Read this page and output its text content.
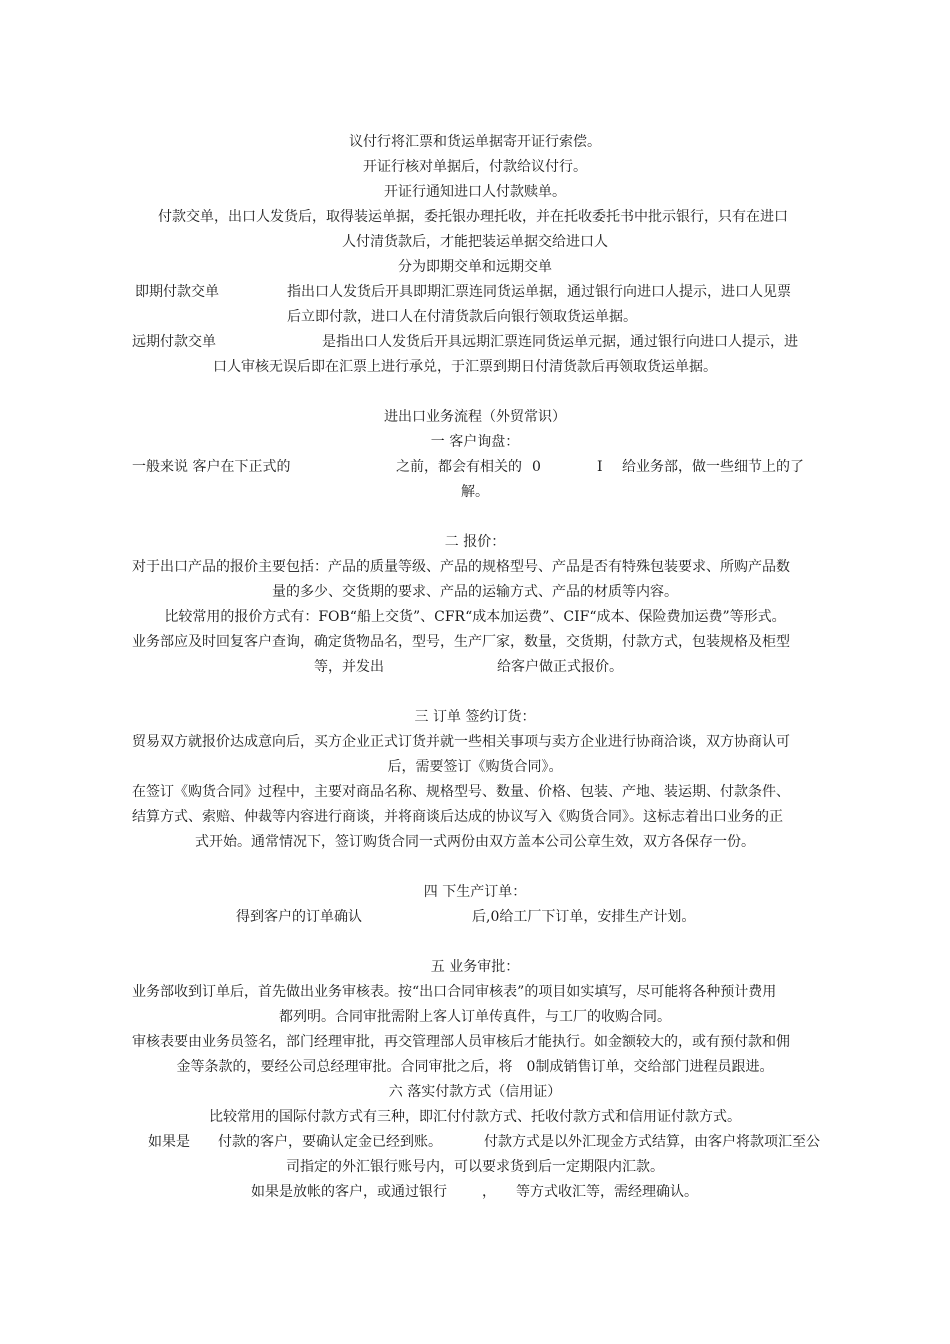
议付行将汇票和货运单据寄开证行索偿。
开证行核对单据后，付款给议付行。
开证行通知进口人付款赎单。
付款交单，出口人发货后，取得装运单据，委托银办理托收，并在托收委托书中批示银行，只有在进口
人付清货款后，才能把装运单据交给进口人
分为即期交单和远期交单
即期付款交单	指出口人发货后开具即期汇票连同货运单据，通过银行向进口人提示，进口人见票
后立即付款，进口人在付清货款后向银行领取货运单据。
远期付款交单	是指出口人发货后开具远期汇票连同货运单元据，通过银行向进口人提示，进
口人审核无误后即在汇票上进行承兑，于汇票到期日付清货款后再领取货运单据。
进出口业务流程（外贸常识）
一 客户询盘：
一般来说 客户在下正式的	之前，都会有相关的 0	I 给业务部，做一些细节上的了
解。
二 报价：
对于出口产品的报价主要包括：产品的质量等级、产品的规格型号、产品是否有特殊包装要求、所购产品数
量的多少、交货期的要求、产品的运输方式、产品的材质等内容。
比较常用的报价方式有：FOB“船上交货”、CFR“成本加运费”、CIF“成本、保险费加运费”等形式。
业务部应及时回复客户查询，确定货物品名，型号，生产厂家，数量，交货期，付款方式，包装规格及柜型
等，并发出	给客户做正式报价。
三 订单 签约订货：
贸易双方就报价达成意向后，买方企业正式订货并就一些相关事项与卖方企业进行协商洽谈，双方协商认可
后，需要签订《购货合同》。
在签订《购货合同》过程中，主要对商品名称、规格型号、数量、价格、包装、产地、装运期、付款条件、
结算方式、索赔、仲裁等内容进行商谈，并将商谈后达成的协议写入《购货合同》。这标志着出口业务的正
式开始。通常情况下，签订购货合同一式两份由双方盖本公司公章生效，双方各保存一份。
四 下生产订单：
得到客户的订单确认	后,0给工厂下订单，安排生产计划。
五 业务审批：
业务部收到订单后，首先做出业务审核表。按“出口合同审核表”的项目如实填写，尽可能将各种预计费用
都列明。合同审批需附上客人订单传真件，与工厂的收购合同。
审核表要由业务员签名，部门经理审批，再交管理部人员审核后才能执行。如金额较大的，或有预付款和佣
金等条款的，要经公司总经理审批。合同审批之后，将　0制成销售订单，交给部门进程员跟进。
六 落实付款方式（信用证）
比较常用的国际付款方式有三种，即汇付付款方式、托收付款方式和信用证付款方式。
如果是 付款的客户，要确认定金已经到账。	付款方式是以外汇现金方式结算，由客户将款项汇至公
司指定的外汇银行账号内，可以要求货到后一定期限内汇款。
如果是放帐的客户，或通过银行	， 等方式收汇等，需经理确认。
